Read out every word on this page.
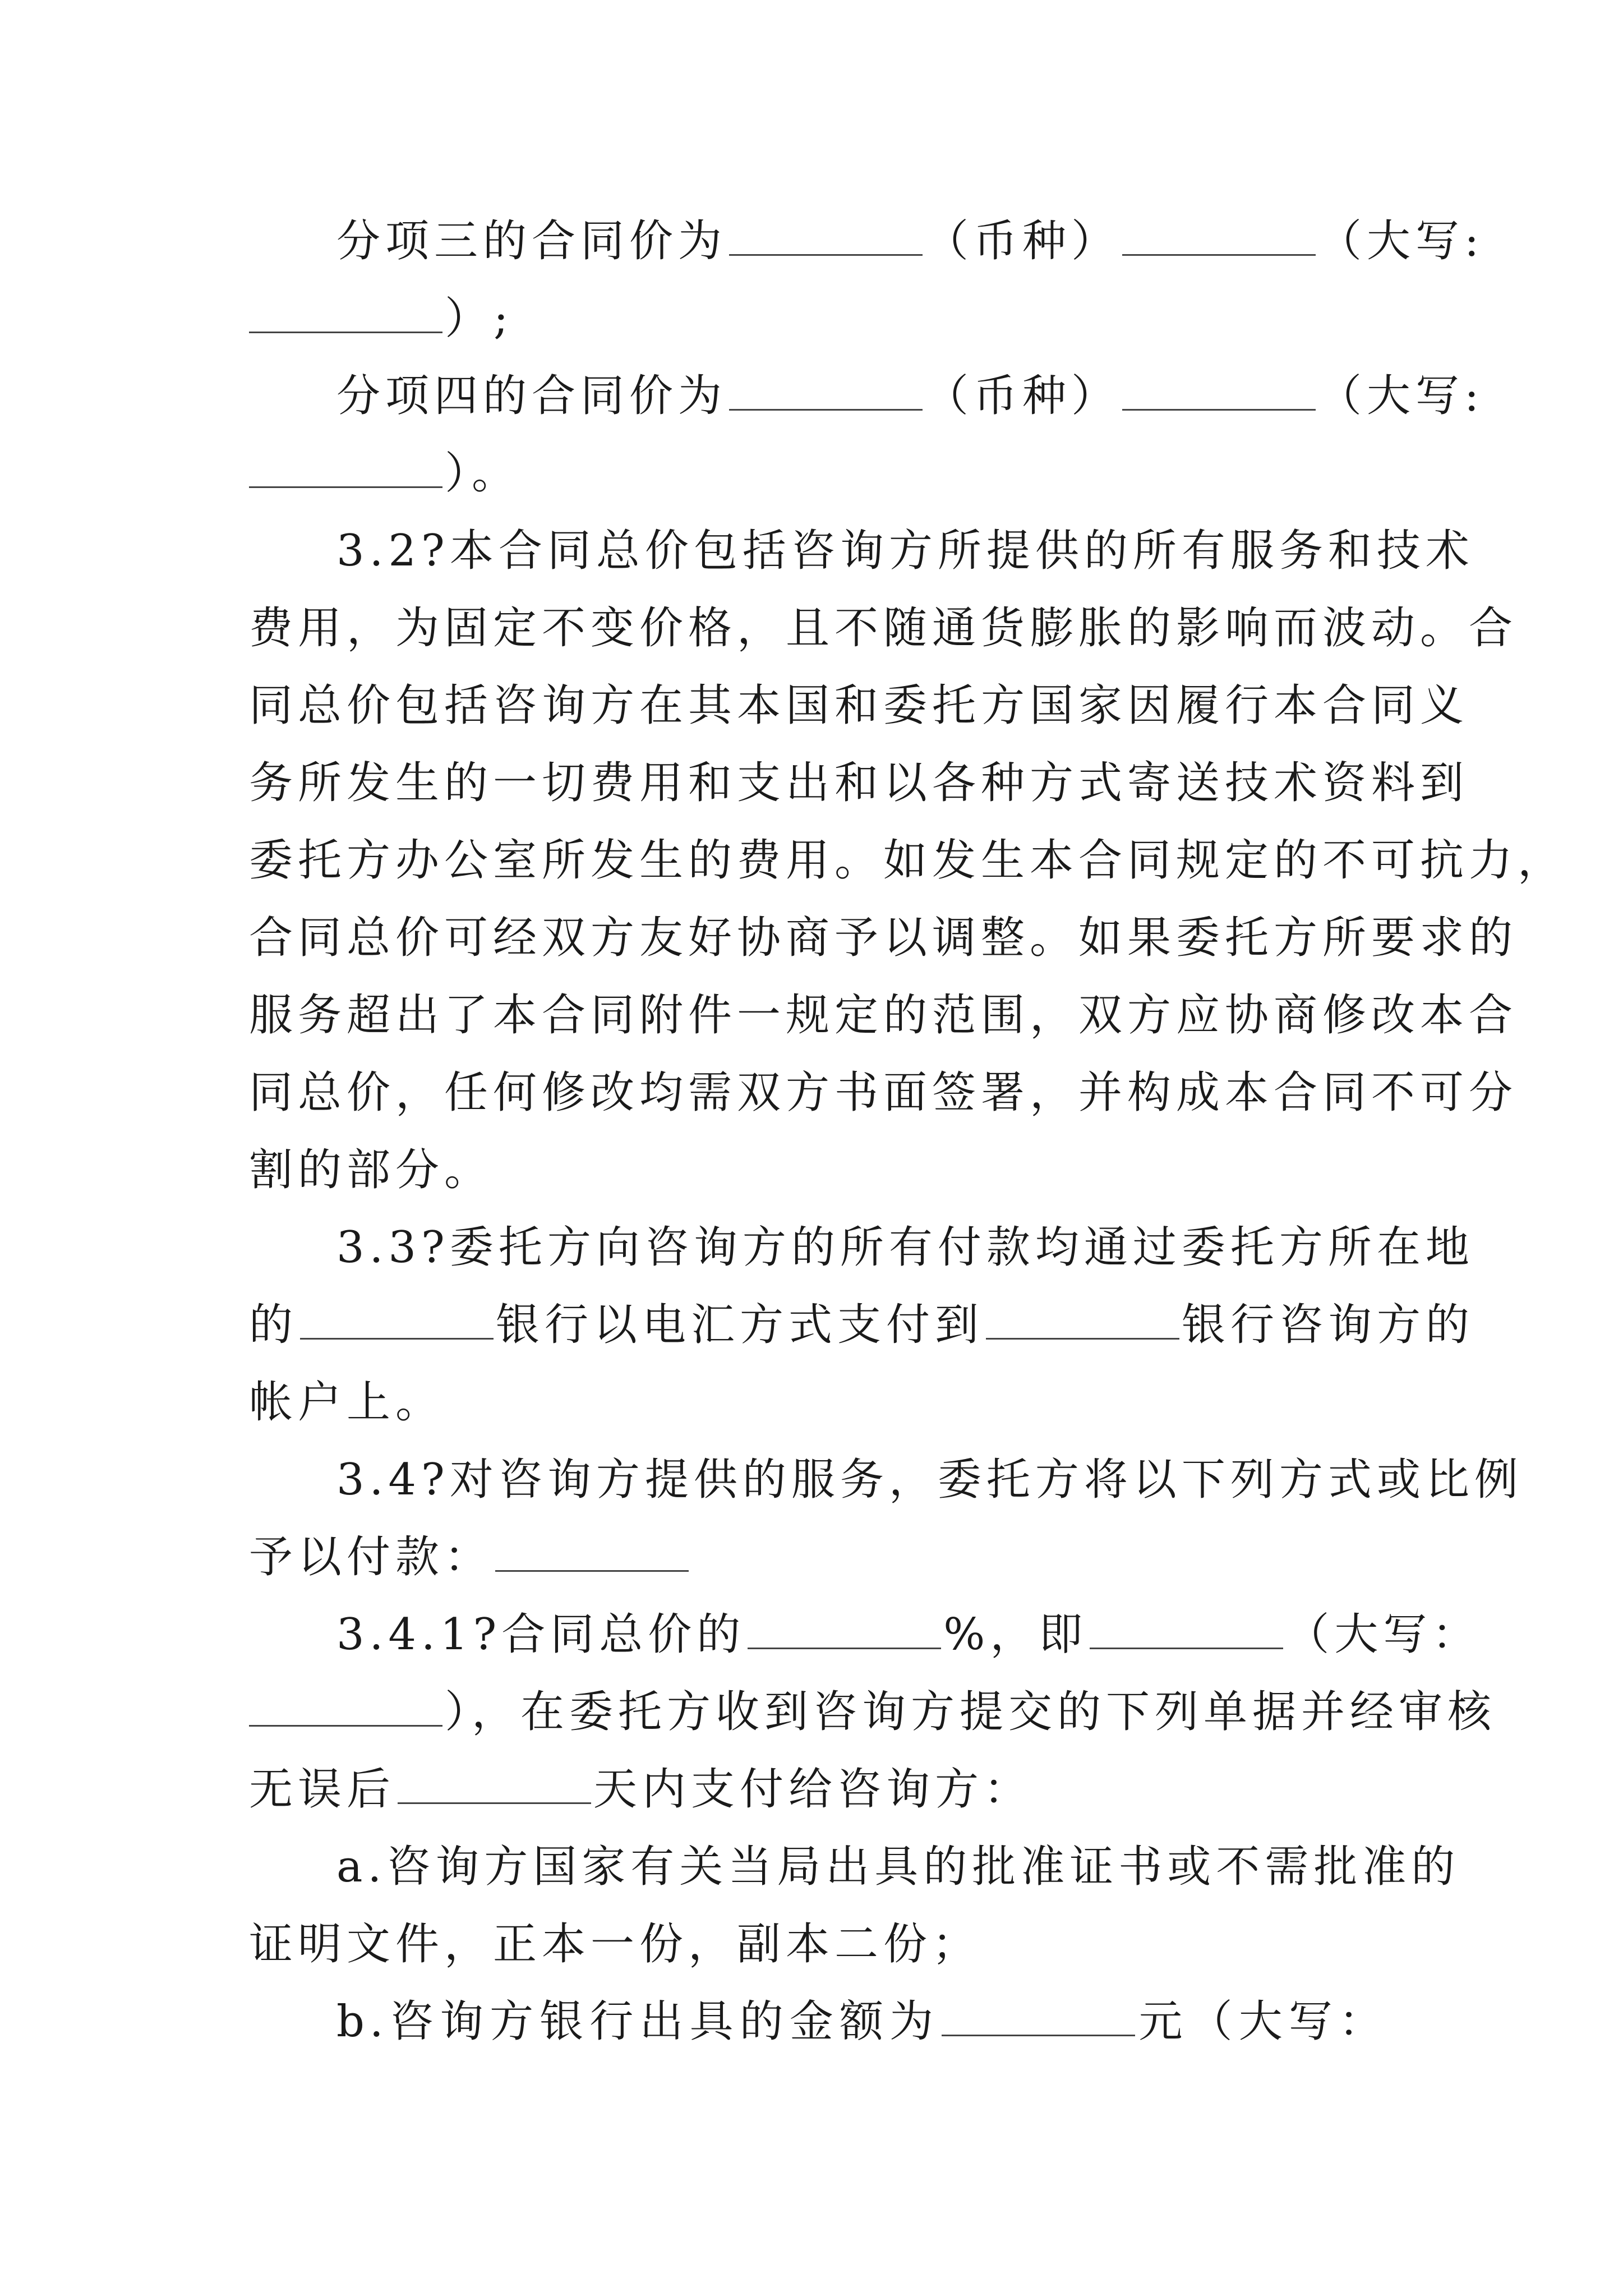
分项三的合同价为	（币种）	（大写:
）;
分项四的合同价为	（币种）	（大写:
）。
3.2?本合同总价包括咨询方所提供的所有服务和技术
费用，为固定不变价格，且不随通货膨胀的影响而波动。合
同总价包括咨询方在其本国和委托方国家因履行本合同义
务所发生的一切费用和支出和以各种方式寄送技术资料到
委托方办公室所发生的费用。如发生本合同规定的不可抗力，
合同总价可经双方友好协商予以调整。如果委托方所要求的
服务超出了本合同附件一规定的范围，双方应协商修改本合
同总价，任何修改均需双方书面签署，并构成本合同不可分
割的部分。
3.3?委托方向咨询方的所有付款均通过委托方所在地
的	银行以电汇方式支付到	银行咨询方的
帐户上。
3.4?对咨询方提供的服务，委托方将以下列方式或比例
予以付款：
3.4.1?合同总价的	%，即	（大写：
），在委托方收到咨询方提交的下列单据并经审核
无误后	天内支付给咨询方：
a.咨询方国家有关当局出具的批准证书或不需批准的
证明文件，正本一份，副本二份；
b.咨询方银行出具的金额为	元（大写：
